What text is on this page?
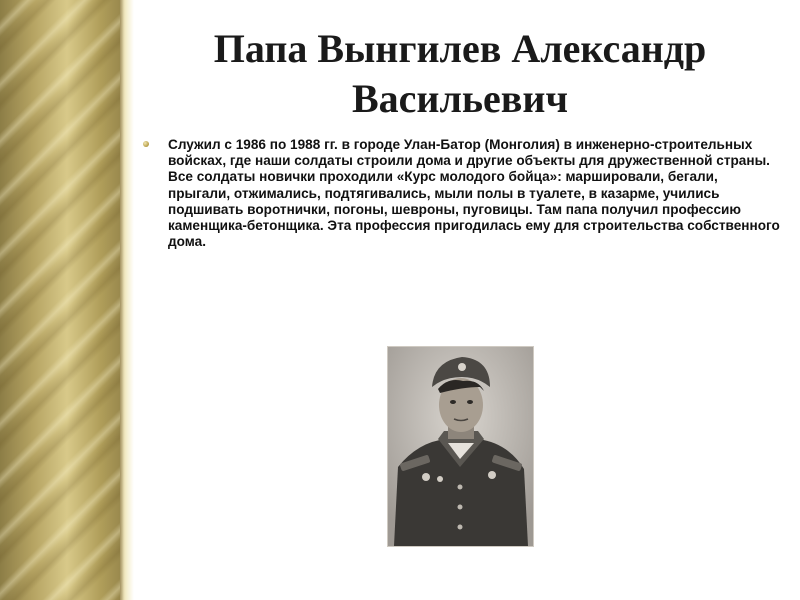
Папа Вынгилев Александр Васильевич
Служил с 1986 по 1988 гг. в городе Улан-Батор (Монголия) в инженерно-строительных войсках, где наши солдаты строили дома и другие объекты для дружественной страны. Все солдаты новички проходили «Курс молодого бойца»: маршировали, бегали, прыгали, отжимались, подтягивались, мыли полы в туалете, в казарме, учились подшивать воротнички, погоны, шевроны, пуговицы. Там папа получил профессию каменщика-бетонщика. Эта профессия пригодилась ему для строительства собственного дома.
